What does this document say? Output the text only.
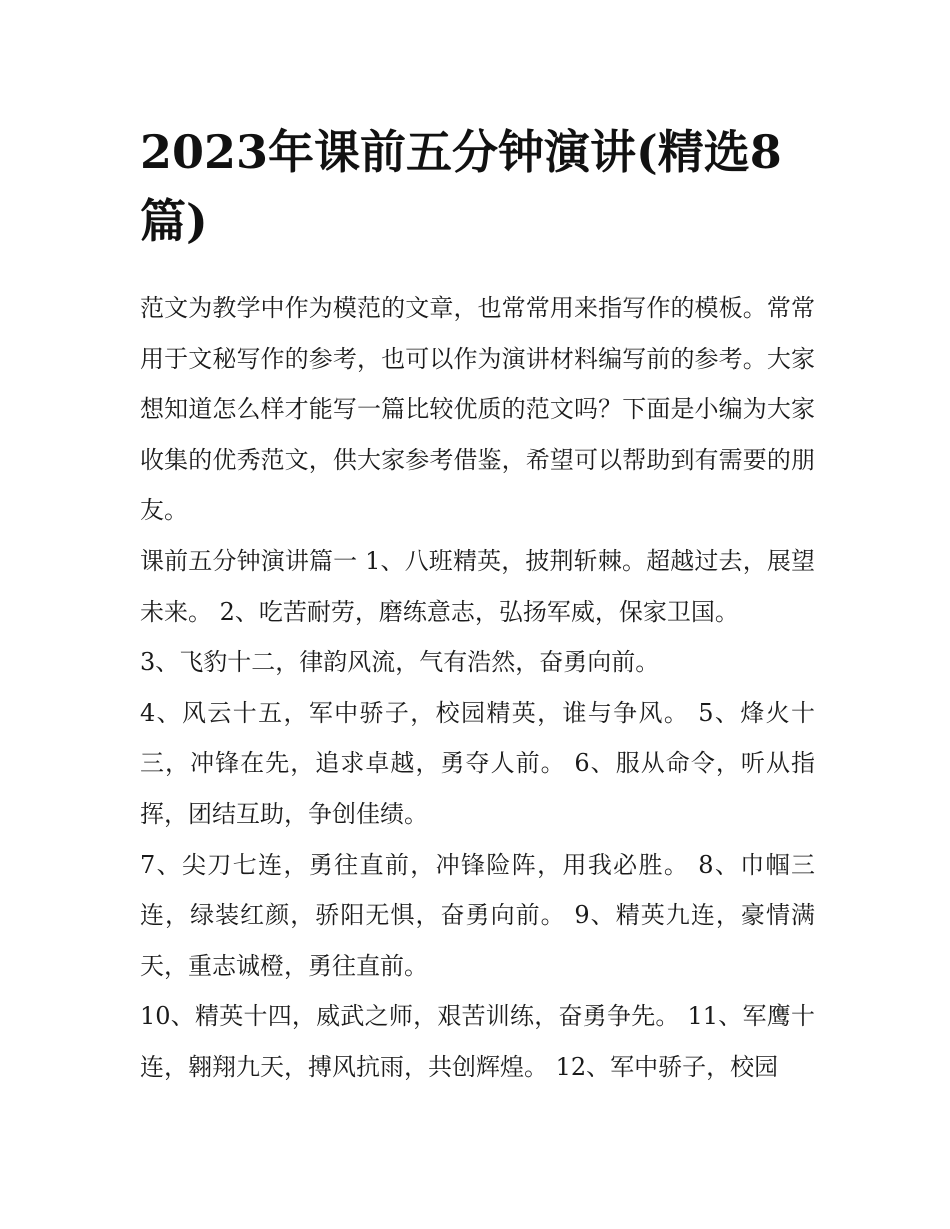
2023年课前五分钟演讲(精选8篇)

范文为教学中作为模范的文章，也常常用来指写作的模板。常常用于文秘写作的参考，也可以作为演讲材料编写前的参考。大家想知道怎么样才能写一篇比较优质的范文吗？下面是小编为大家收集的优秀范文，供大家参考借鉴，希望可以帮助到有需要的朋友。

课前五分钟演讲篇一 1、八班精英，披荆斩棘。超越过去，展望未来。 2、吃苦耐劳，磨练意志，弘扬军威，保家卫国。

3、飞豹十二，律韵风流，气有浩然，奋勇向前。

4、风云十五，军中骄子，校园精英，谁与争风。 5、烽火十三，冲锋在先，追求卓越，勇夺人前。 6、服从命令，听从指挥，团结互助，争创佳绩。

7、尖刀七连，勇往直前，冲锋险阵，用我必胜。 8、巾帼三连，绿装红颜，骄阳无惧，奋勇向前。 9、精英九连，豪情满天，重志诚橙，勇往直前。

10、精英十四，威武之师，艰苦训练，奋勇争先。 11、军鹰十连，翱翔九天，搏风抗雨，共创辉煌。 12、军中骄子，校园
